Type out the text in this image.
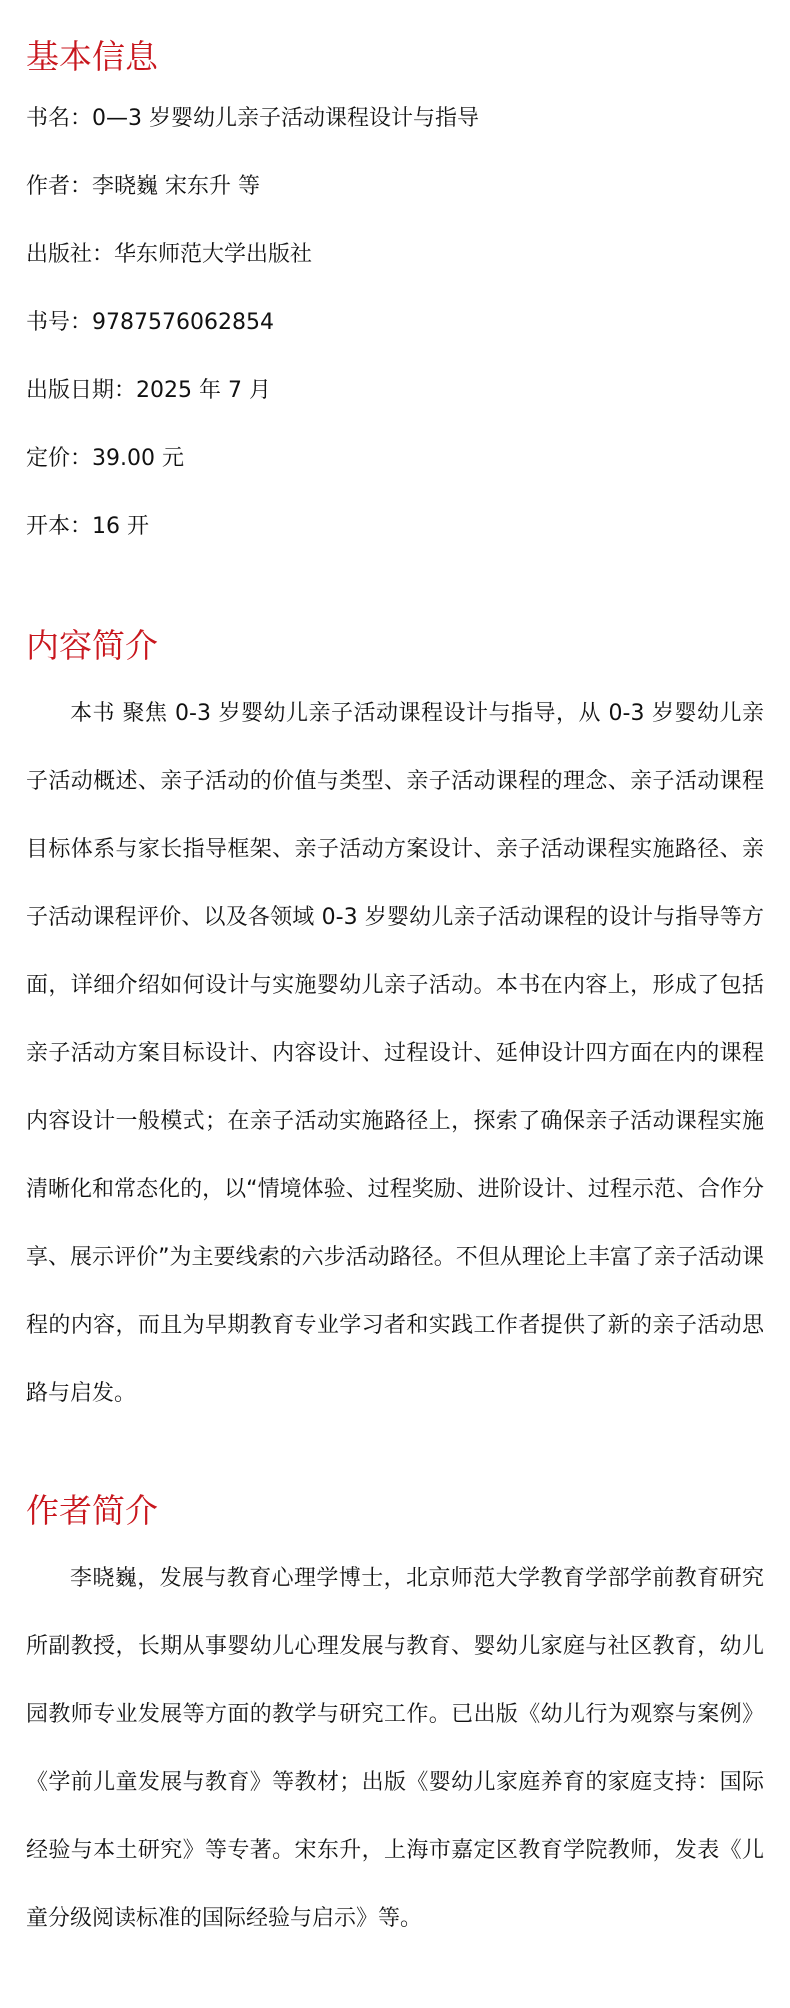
基本信息
书名：0—3 岁婴幼儿亲子活动课程设计与指导
作者：李晓巍 宋东升 等
出版社：华东师范大学出版社
书号：9787576062854
出版日期：2025 年 7 月
定价：39.00 元
开本：16 开
内容简介

本书 聚焦 0-3 岁婴幼儿亲子活动课程设计与指导，从 0-3 岁婴幼儿亲子活动概述、亲子活动的价值与类型、亲子活动课程的理念、亲子活动课程目标体系与家长指导框架、亲子活动方案设计、亲子活动课程实施路径、亲子活动课程评价、以及各领域 0-3 岁婴幼儿亲子活动课程的设计与指导等方面，详细介绍如何设计与实施婴幼儿亲子活动。本书在内容上，形成了包括亲子活动方案目标设计、内容设计、过程设计、延伸设计四方面在内的课程内容设计一般模式；在亲子活动实施路径上，探索了确保亲子活动课程实施清晰化和常态化的，以“情境体验、过程奖励、进阶设计、过程示范、合作分享、展示评价”为主要线索的六步活动路径。不但从理论上丰富了亲子活动课程的内容，而且为早期教育专业学习者和实践工作者提供了新的亲子活动思路与启发。

作者简介

李晓巍，发展与教育心理学博士，北京师范大学教育学部学前教育研究所副教授，长期从事婴幼儿心理发展与教育、婴幼儿家庭与社区教育，幼儿园教师专业发展等方面的教学与研究工作。已出版《幼儿行为观察与案例》《学前儿童发展与教育》等教材；出版《婴幼儿家庭养育的家庭支持：国际经验与本土研究》等专著。宋东升，上海市嘉定区教育学院教师，发表《儿童分级阅读标准的国际经验与启示》等。
